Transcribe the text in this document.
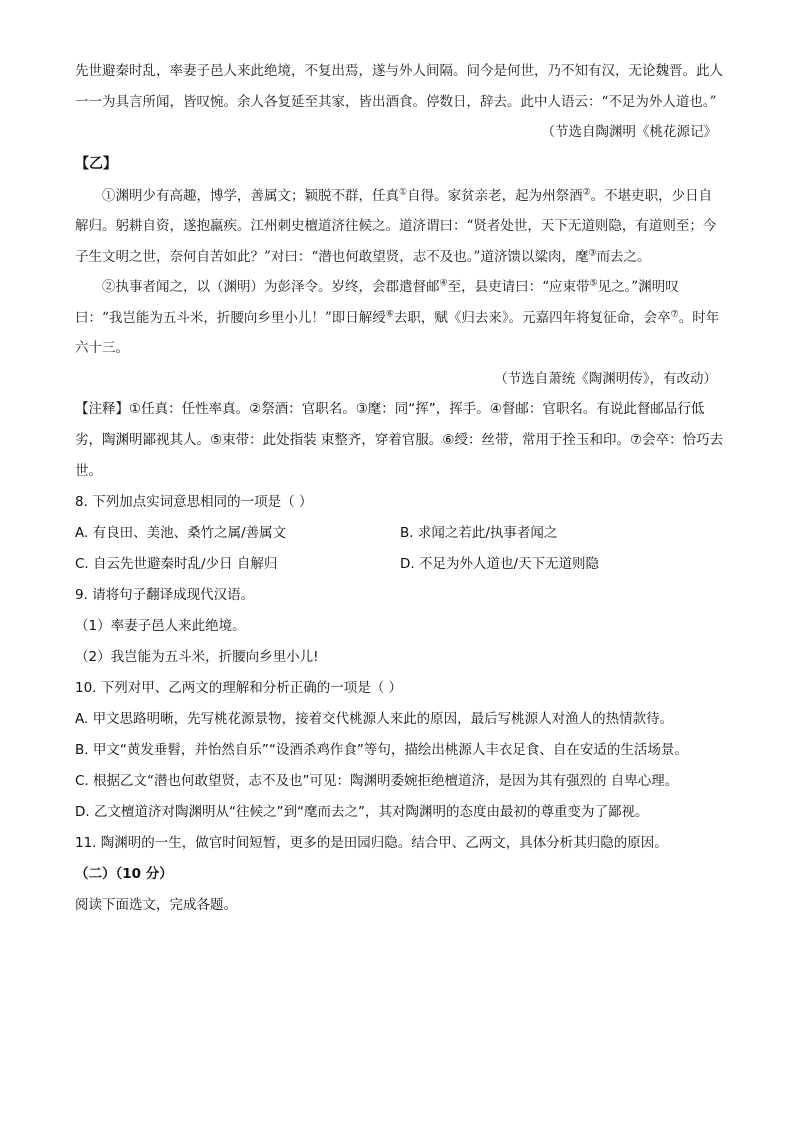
先世避秦时乱，率妻子邑人来此绝境，不复出焉，遂与外人间隔。问今是何世，乃不知有汉，无论魏晋。此人一一为具言所闻，皆叹惋。余人各复延至其家，皆出酒食。停数日，辞去。此中人语云：“不足为外人道也。”

（节选自陶渊明《桃花源记》

【乙】

①渊明少有高趣，博学，善属文；颖脱不群，任真①自得。家贫亲老，起为州祭酒②。不堪吏职，少日自解归。躬耕自资，遂抱羸疾。江州刺史檀道济往候之。道济谓曰：“贤者处世，天下无道则隐，有道则至；今子生文明之世，奈何自苦如此？”对曰：“潜也何敢望贤，志不及也。”道济馈以粱肉，麾③而去之。

②执事者闻之，以（渊明）为彭泽令。岁终，会郡遣督邮④至，县吏请曰：“应束带⑤见之。”渊明叹曰：“我岂能为五斗米，折腰向乡里小儿！”即日解绶⑥去职，赋《归去来》。元嘉四年将复征命，会卒⑦。时年六十三。

（节选自萧统《陶渊明传》，有改动）

【注释】①任真：任性率真。②祭酒：官职名。③麾：同“挥”，挥手。④督邮：官职名。有说此督邮品行低劣，陶渊明鄙视其人。⑤束带：此处指装 束整齐，穿着官服。⑥绶：丝带，常用于拴玉和印。⑦会卒：恰巧去世。

8. 下列加点实词意思相同的一项是（ ）

A. 有良田、美池、桑竹之属/善属文	B. 求闻之若此/执事者闻之
C. 自云先世避秦时乱/少日 自解归	D. 不足为外人道也/天下无道则隐

9. 请将句子翻译成现代汉语。

（1）率妻子邑人来此绝境。

（2）我岂能为五斗米，折腰向乡里小儿!

10. 下列对甲、乙两文的理解和分析正确的一项是（ ）

A. 甲文思路明晰，先写桃花源景物，接着交代桃源人来此的原因，最后写桃源人对渔人的热情款待。

B. 甲文“黄发垂髫，并怡然自乐”“设酒杀鸡作食”等句，描绘出桃源人丰衣足食、自在安适的生活场景。

C. 根据乙文“潜也何敢望贤，志不及也”可见：陶渊明委婉拒绝檀道济，是因为其有强烈的 自卑心理。

D. 乙文檀道济对陶渊明从“往候之”到“麾而去之”，其对陶渊明的态度由最初的尊重变为了鄙视。

11. 陶渊明的一生，做官时间短暂，更多的是田园归隐。结合甲、乙两文，具体分析其归隐的原因。

（二）（10 分）

阅读下面选文，完成各题。
